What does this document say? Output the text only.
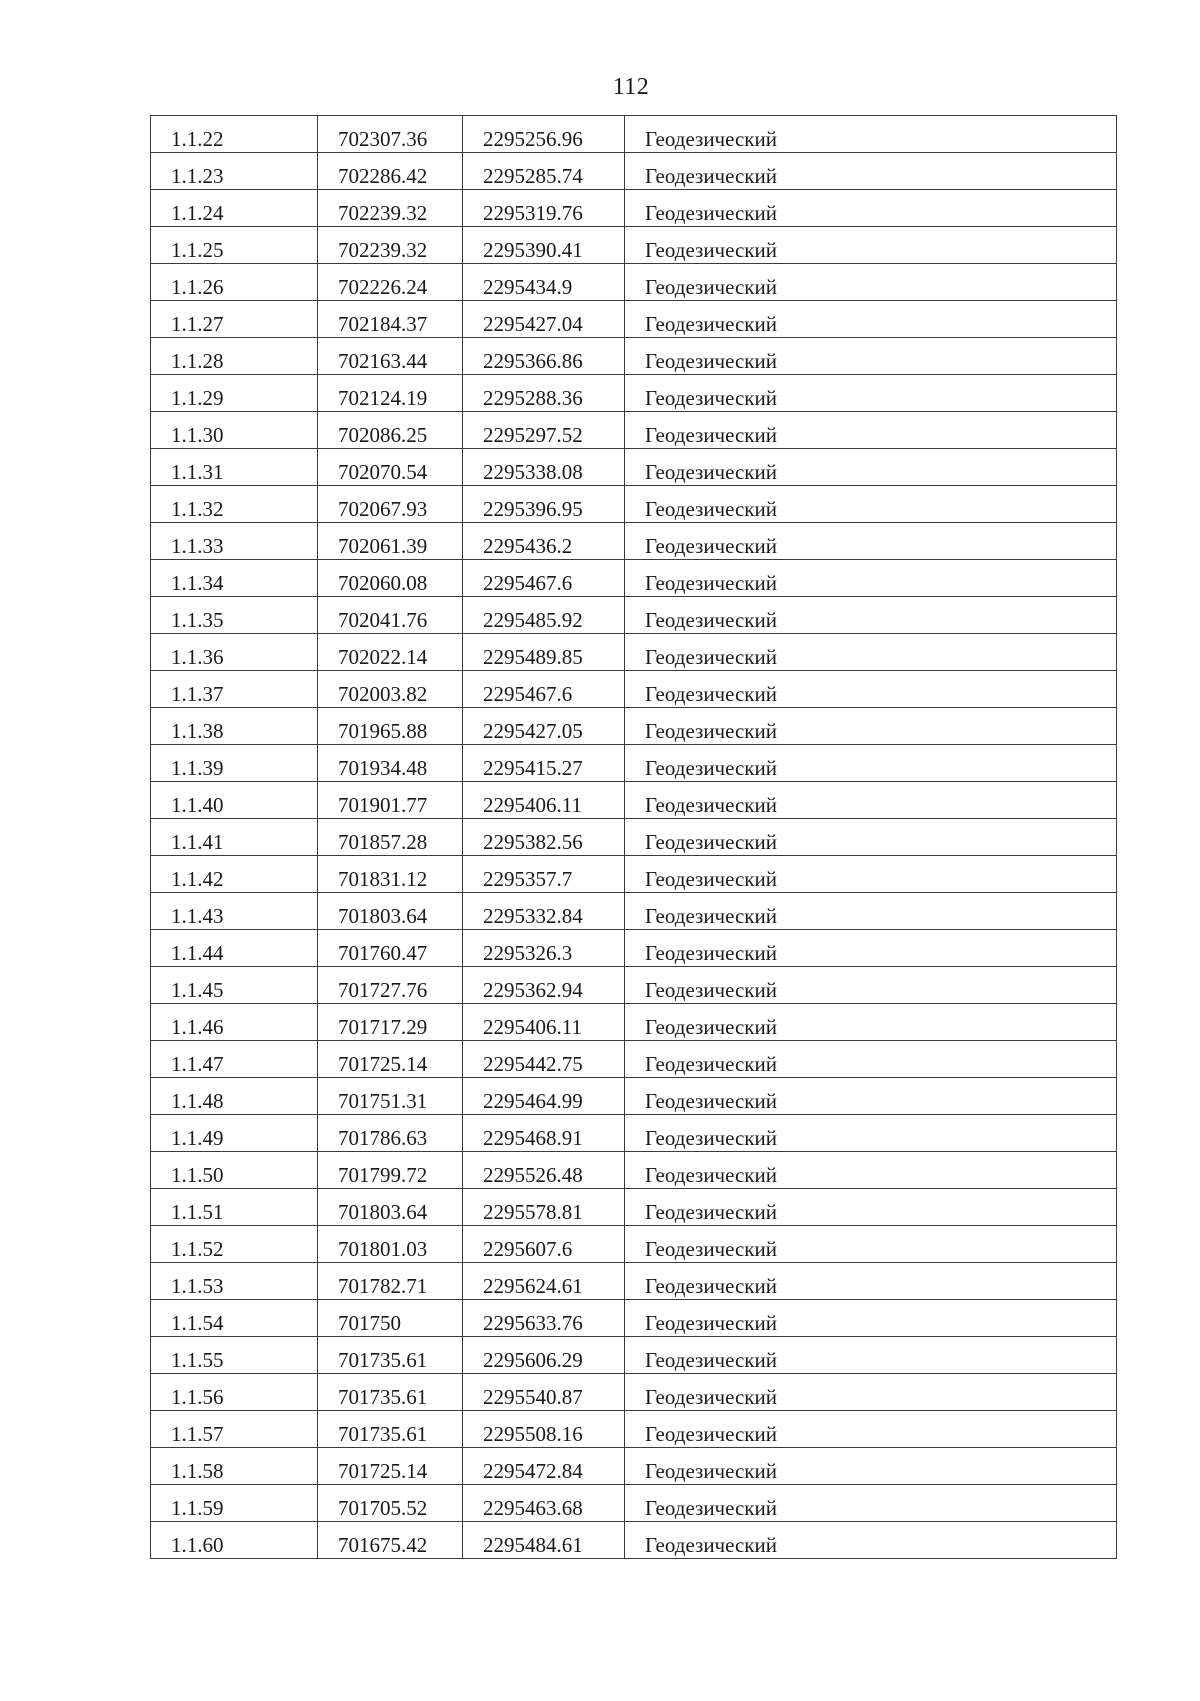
112
1.1.22	702307.36	2295256.96	Геодезический
1.1.23	702286.42	2295285.74	Геодезический
1.1.24	702239.32	2295319.76	Геодезический
1.1.25	702239.32	2295390.41	Геодезический
1.1.26	702226.24	2295434.9	Геодезический
1.1.27	702184.37	2295427.04	Геодезический
1.1.28	702163.44	2295366.86	Геодезический
1.1.29	702124.19	2295288.36	Геодезический
1.1.30	702086.25	2295297.52	Геодезический
1.1.31	702070.54	2295338.08	Геодезический
1.1.32	702067.93	2295396.95	Геодезический
1.1.33	702061.39	2295436.2	Геодезический
1.1.34	702060.08	2295467.6	Геодезический
1.1.35	702041.76	2295485.92	Геодезический
1.1.36	702022.14	2295489.85	Геодезический
1.1.37	702003.82	2295467.6	Геодезический
1.1.38	701965.88	2295427.05	Геодезический
1.1.39	701934.48	2295415.27	Геодезический
1.1.40	701901.77	2295406.11	Геодезический
1.1.41	701857.28	2295382.56	Геодезический
1.1.42	701831.12	2295357.7	Геодезический
1.1.43	701803.64	2295332.84	Геодезический
1.1.44	701760.47	2295326.3	Геодезический
1.1.45	701727.76	2295362.94	Геодезический
1.1.46	701717.29	2295406.11	Геодезический
1.1.47	701725.14	2295442.75	Геодезический
1.1.48	701751.31	2295464.99	Геодезический
1.1.49	701786.63	2295468.91	Геодезический
1.1.50	701799.72	2295526.48	Геодезический
1.1.51	701803.64	2295578.81	Геодезический
1.1.52	701801.03	2295607.6	Геодезический
1.1.53	701782.71	2295624.61	Геодезический
1.1.54	701750	2295633.76	Геодезический
1.1.55	701735.61	2295606.29	Геодезический
1.1.56	701735.61	2295540.87	Геодезический
1.1.57	701735.61	2295508.16	Геодезический
1.1.58	701725.14	2295472.84	Геодезический
1.1.59	701705.52	2295463.68	Геодезический
1.1.60	701675.42	2295484.61	Геодезический
